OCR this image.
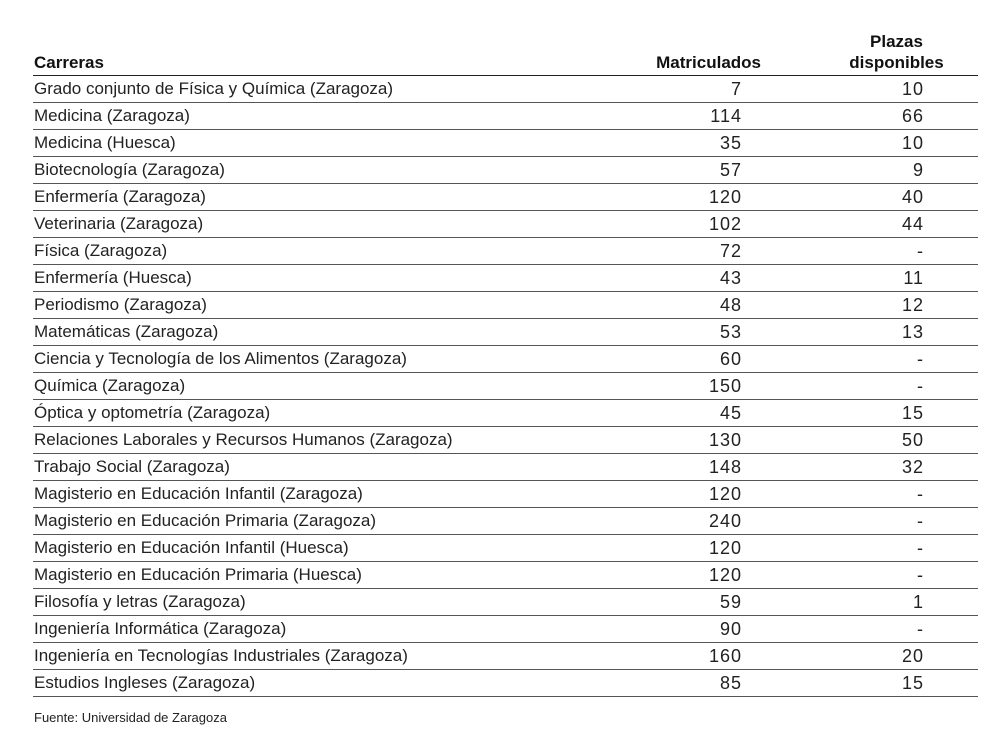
Carreras	Matriculados	Plazas
disponibles
Grado conjunto de Física y Química (Zaragoza)	7	10
Medicina (Zaragoza)	114	66
Medicina (Huesca)	35	10
Biotecnología (Zaragoza)	57	9
Enfermería (Zaragoza)	120	40
Veterinaria (Zaragoza)	102	44
Física (Zaragoza)	72	-
Enfermería (Huesca)	43	11
Periodismo (Zaragoza)	48	12
Matemáticas (Zaragoza)	53	13
Ciencia y Tecnología de los Alimentos (Zaragoza)	60	-
Química (Zaragoza)	150	-
Óptica y optometría (Zaragoza)	45	15
Relaciones Laborales y Recursos Humanos (Zaragoza)	130	50
Trabajo Social (Zaragoza)	148	32
Magisterio en Educación Infantil (Zaragoza)	120	-
Magisterio en Educación Primaria (Zaragoza)	240	-
Magisterio en Educación Infantil (Huesca)	120	-
Magisterio en Educación Primaria (Huesca)	120	-
Filosofía y letras (Zaragoza)	59	1
Ingeniería Informática (Zaragoza)	90	-
Ingeniería en Tecnologías Industriales (Zaragoza)	160	20
Estudios Ingleses (Zaragoza)	85	15
Fuente: Universidad de Zaragoza
